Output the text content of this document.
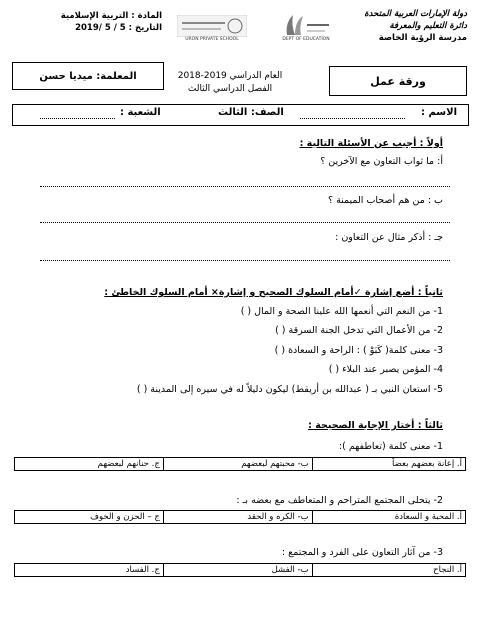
دولة الإمارات العربية المتحدة
دائرة التعليم والمعرفة
مدرسة الرؤية الخاصة
المادة : التربية الإسلامية
التاريخ : 5 / 5 /2019
URON PRIVATE SCHOOL	DEPT OF EDUCATION
ورقة عمل
العام الدراسي 2019-2018
الفصل الدراسي الثالث
المعلمة: ميديا حسن
الاسم :
الصف: الثالث
الشعبة :
أولاً : أجيب عن الأسئلة التالية :
أ: ما ثواب التعاون مع الآخرين ؟
ب : من هم أصحاب الميمنة ؟
جـ : أذكر مثال عن التعاون :
ثانياً : أضع إشارة ✓أمام السلوك الصحيح و إشارة× أمام السلوك الخاطئ :
1- من النعم التي أنعمها الله علينا الصحة و المال ( )
2- من الأعمال التي تدخل الجنة السرقة ( )
3- معنى كلمة( كَبَوْ ) : الراحة و السعادة ( )
4- المؤمن يصبر عند البلاء ( )
5- استعان النبي بـ ( عبدالله بن أريقط) ليكون دليلاً له في سيره إلى المدينة ( )
ثالثاً : أختار الإجابة الصحيحة :
1- معنى كلمة (تعاطفهم ):
ج. حنانهم لبعضهم	ب- محبتهم لبعضهم	أ. إعانة بعضهم بعضاً
2- يتحلى المجتمع المتراحم و المتعاطف مع بعضه بـ :
ج – الحزن و الخوف	ب- الكره و الحقد	أ. المحبة و السعادة
3- من آثار التعاون على الفرد و المجتمع :
ج. الفساد	ب- الفشل	أ. النجاح
